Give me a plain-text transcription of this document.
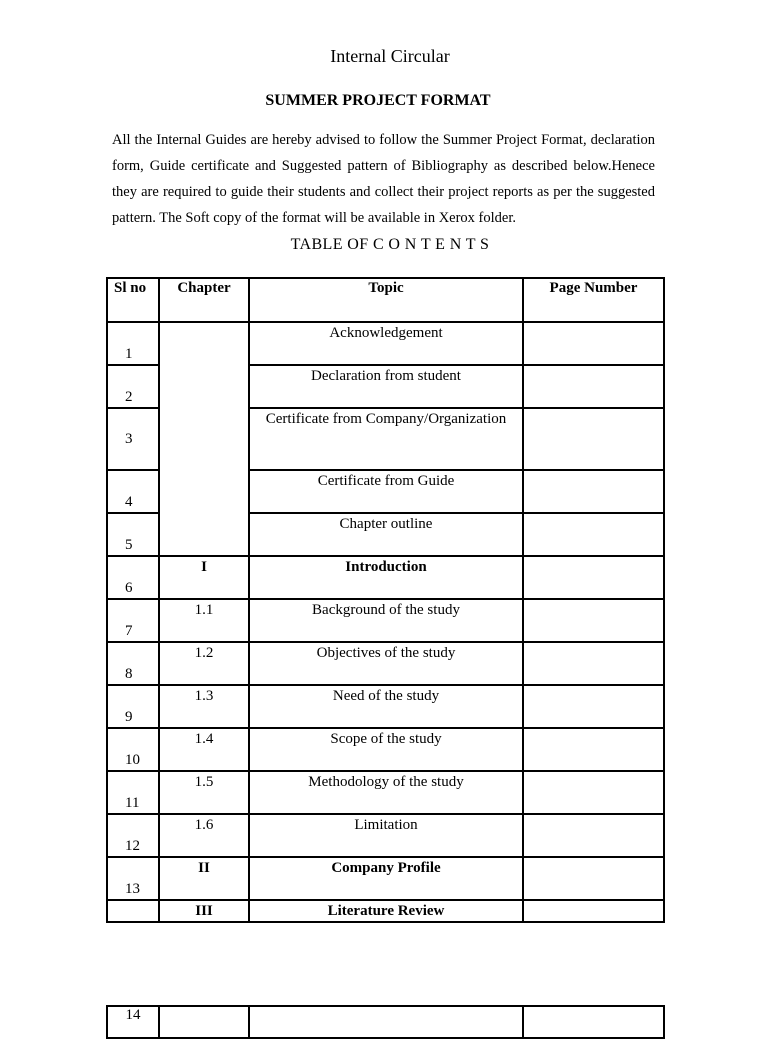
Internal Circular
SUMMER PROJECT FORMAT
All the Internal Guides are hereby advised to follow the Summer Project Format, declaration form, Guide certificate and Suggested pattern of Bibliography as described below.Henece they are required to guide their students and collect their project reports as per the suggested pattern. The Soft copy of the format will be available in Xerox folder.
TABLE OF C O N T E N T S
Sl no	Chapter	Topic	Page Number
1		Acknowledgement	
2		Declaration from student	
3		Certificate from Company/Organization	
4		Certificate from Guide	
5		Chapter outline	
6	I	Introduction	
7	1.1	Background of the study	
8	1.2	Objectives of the study	
9	1.3	Need of the study	
10	1.4	Scope of the study	
11	1.5	Methodology of the study	
12	1.6	Limitation	
13	II	Company Profile	
	III	Literature Review	
14			
